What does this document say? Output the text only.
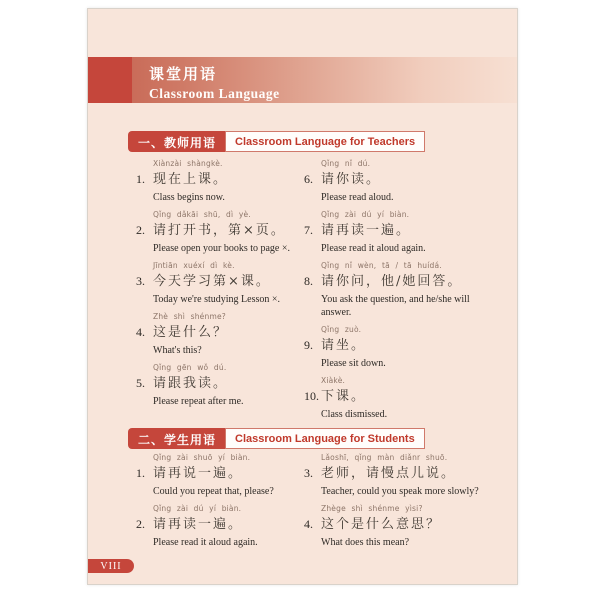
课堂用语
Classroom Language
一、教师用语	Classroom Language for Teachers
Xiànzài shàngkè.
1. 现在上课。
Class begins now.
Qǐng dǎkāi shū, dì yè.
2. 请打开书，第×页。
Please open your books to page ×.
Jīntiān xuéxí dì kè.
3. 今天学习第×课。
Today we're studying Lesson ×.
Zhè shì shénme?
4. 这是什么？
What's this?
Qǐng gēn wǒ dú.
5. 请跟我读。
Please repeat after me.
Qǐng nǐ dú.
6. 请你读。
Please read aloud.
Qǐng zài dú yí biàn.
7. 请再读一遍。
Please read it aloud again.
Qǐng nǐ wèn, tā / tā huídá.
8. 请你问，他/她回答。
You ask the question, and he/she will answer.
Qǐng zuò.
9. 请坐。
Please sit down.
Xiàkè.
10. 下课。
Class dismissed.
二、学生用语	Classroom Language for Students
Qǐng zài shuō yí biàn.
1. 请再说一遍。
Could you repeat that, please?
Qǐng zài dú yí biàn.
2. 请再读一遍。
Please read it aloud again.
Lǎoshī, qǐng màn diǎnr shuō.
3. 老师，请慢点儿说。
Teacher, could you speak more slowly?
Zhège shì shénme yìsi?
4. 这个是什么意思？
What does this mean?
VIII
